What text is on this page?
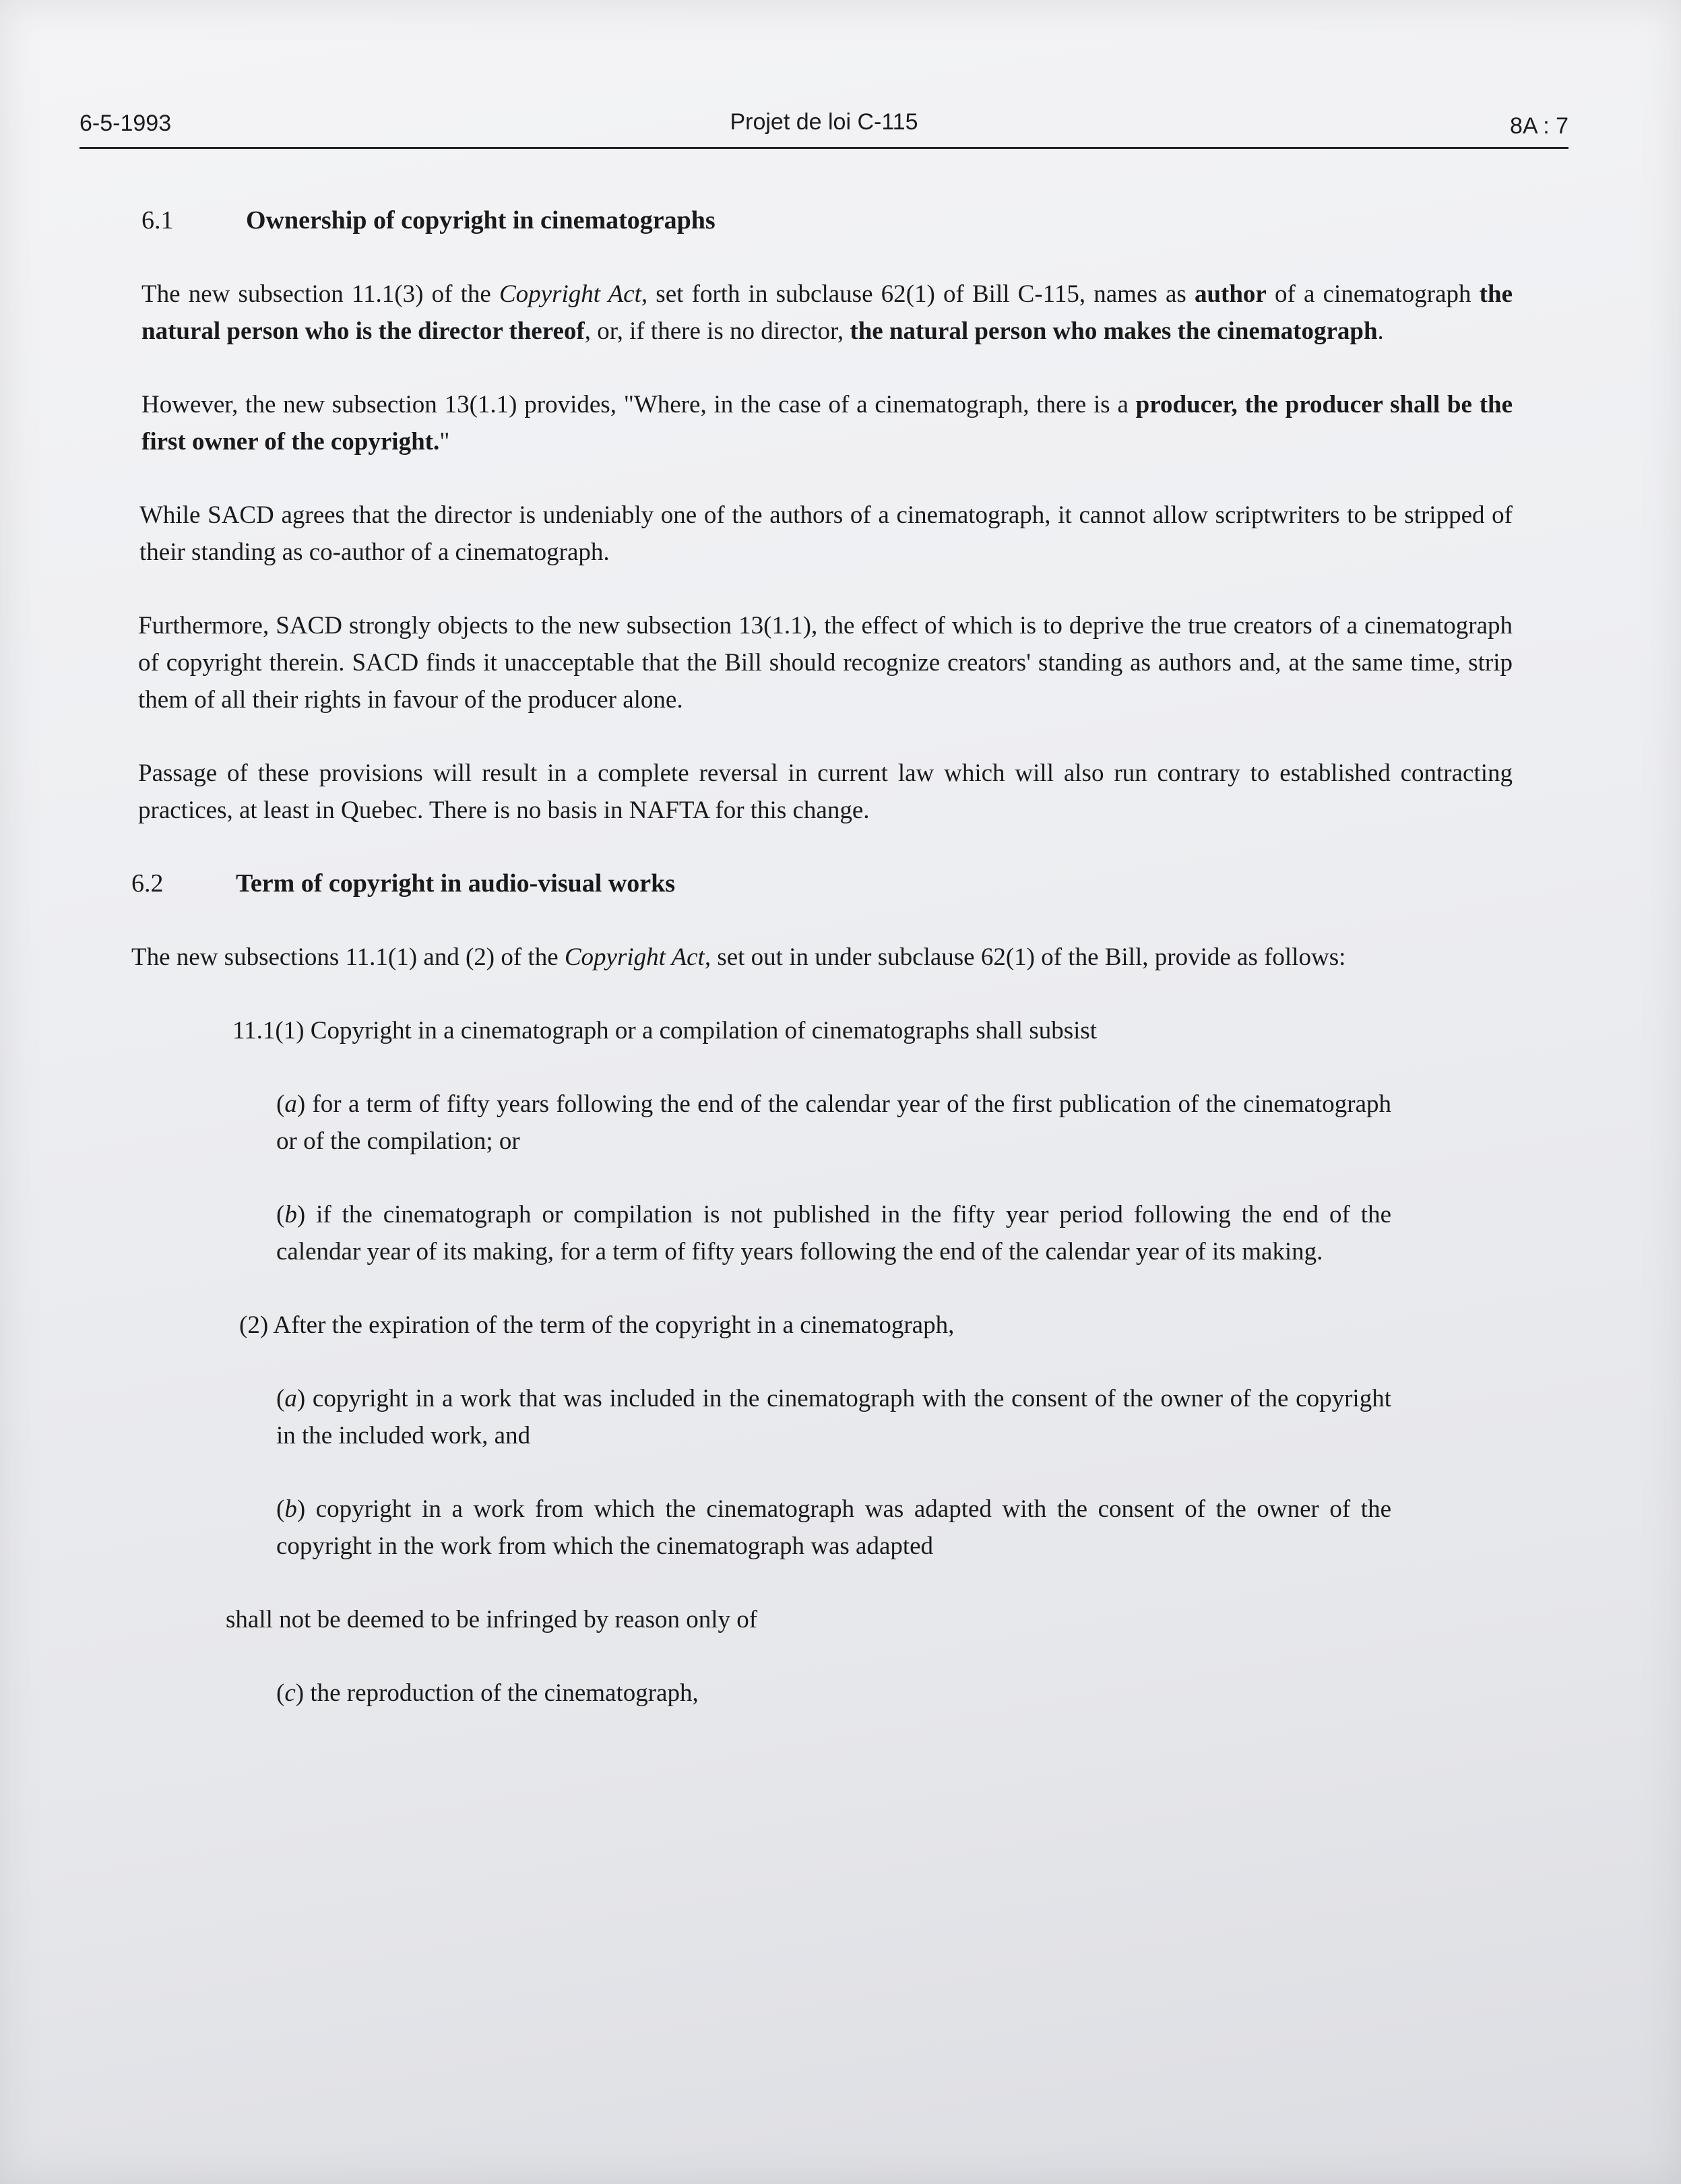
6-5-1993	Projet de loi C-115	8A : 7
6.1	Ownership of copyright in cinematographs

The new subsection 11.1(3) of the Copyright Act, set forth in subclause 62(1) of Bill C-115, names as author of a cinematograph the natural person who is the director thereof, or, if there is no director, the natural person who makes the cinematograph.

However, the new subsection 13(1.1) provides, "Where, in the case of a cinematograph, there is a producer, the producer shall be the first owner of the copyright."

While SACD agrees that the director is undeniably one of the authors of a cinematograph, it cannot allow scriptwriters to be stripped of their standing as co-author of a cinematograph.

Furthermore, SACD strongly objects to the new subsection 13(1.1), the effect of which is to deprive the true creators of a cinematograph of copyright therein. SACD finds it unacceptable that the Bill should recognize creators' standing as authors and, at the same time, strip them of all their rights in favour of the producer alone.

Passage of these provisions will result in a complete reversal in current law which will also run contrary to established contracting practices, at least in Quebec. There is no basis in NAFTA for this change.

6.2	Term of copyright in audio-visual works

The new subsections 11.1(1) and (2) of the Copyright Act, set out in under subclause 62(1) of the Bill, provide as follows:

11.1(1) Copyright in a cinematograph or a compilation of cinematographs shall subsist

(a) for a term of fifty years following the end of the calendar year of the first publication of the cinematograph or of the compilation; or

(b) if the cinematograph or compilation is not published in the fifty year period following the end of the calendar year of its making, for a term of fifty years following the end of the calendar year of its making.

(2) After the expiration of the term of the copyright in a cinematograph,

(a) copyright in a work that was included in the cinematograph with the consent of the owner of the copyright in the included work, and

(b) copyright in a work from which the cinematograph was adapted with the consent of the owner of the copyright in the work from which the cinematograph was adapted

shall not be deemed to be infringed by reason only of

(c) the reproduction of the cinematograph,
